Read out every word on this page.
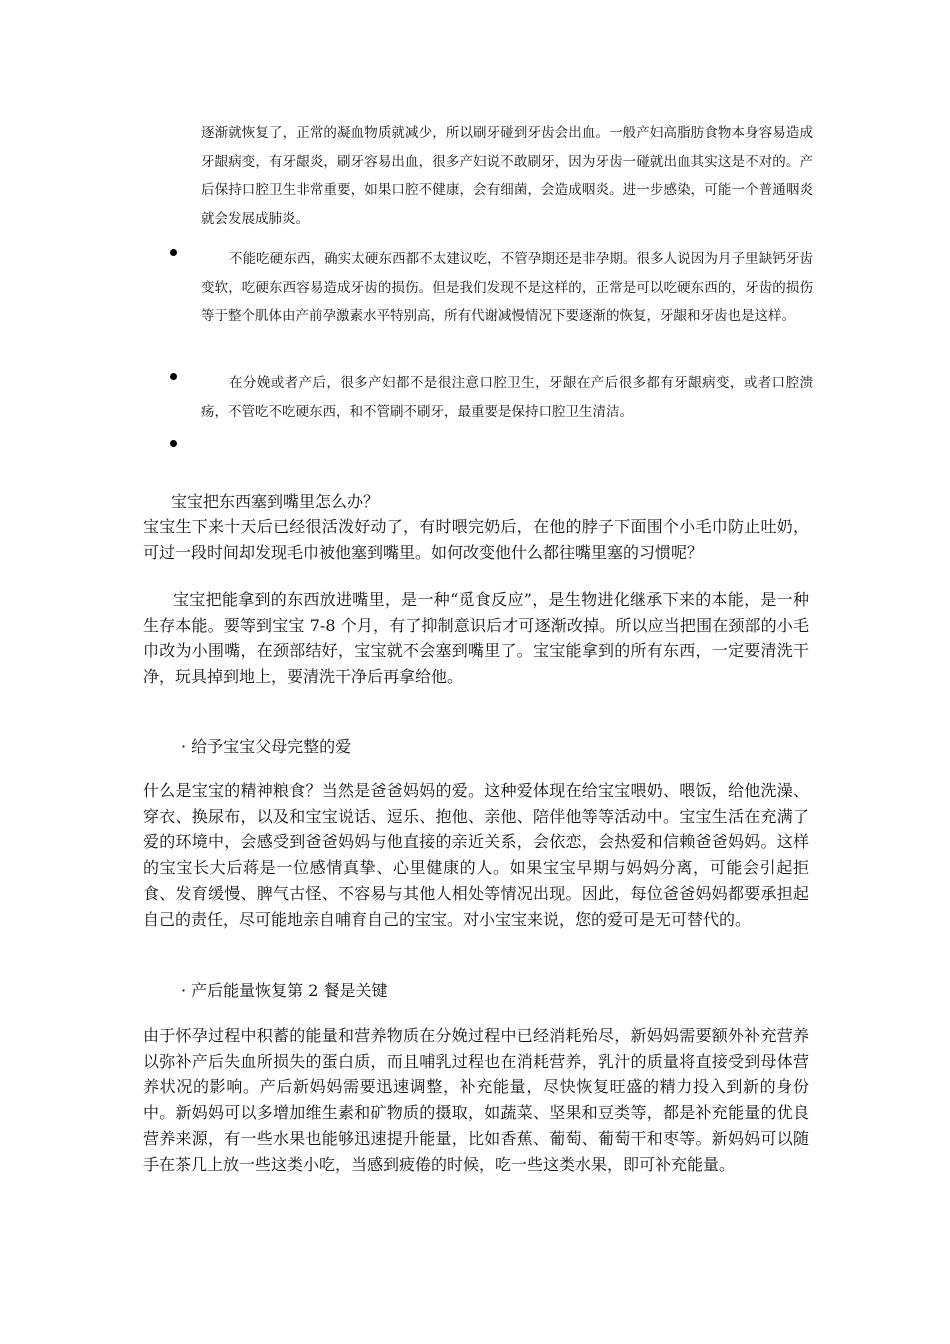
逐渐就恢复了，正常的凝血物质就减少，所以刷牙碰到牙齿会出血。一般产妇高脂肪食物本身容易造成牙龈病变，有牙龈炎，刷牙容易出血，很多产妇说不敢刷牙，因为牙齿一碰就出血其实这是不对的。产后保持口腔卫生非常重要，如果口腔不健康，会有细菌，会造成咽炎。进一步感染，可能一个普通咽炎就会发展成肺炎。

不能吃硬东西，确实太硬东西都不太建议吃，不管孕期还是非孕期。很多人说因为月子里缺钙牙齿变软，吃硬东西容易造成牙齿的损伤。但是我们发现不是这样的，正常是可以吃硬东西的，牙齿的损伤等于整个肌体由产前孕激素水平特别高，所有代谢减慢情况下要逐渐的恢复，牙龈和牙齿也是这样。

在分娩或者产后，很多产妇都不是很注意口腔卫生，牙龈在产后很多都有牙龈病变，或者口腔溃疡，不管吃不吃硬东西，和不管刷不刷牙，最重要是保持口腔卫生清洁。

宝宝把东西塞到嘴里怎么办？

宝宝生下来十天后已经很活泼好动了，有时喂完奶后，在他的脖子下面围个小毛巾防止吐奶，可过一段时间却发现毛巾被他塞到嘴里。如何改变他什么都往嘴里塞的习惯呢？

宝宝把能拿到的东西放进嘴里，是一种“觅食反应”，是生物进化继承下来的本能，是一种生存本能。要等到宝宝 7-8 个月，有了抑制意识后才可逐渐改掉。所以应当把围在颈部的小毛巾改为小围嘴，在颈部结好，宝宝就不会塞到嘴里了。宝宝能拿到的所有东西，一定要清洗干净，玩具掉到地上，要清洗干净后再拿给他。

· 给予宝宝父母完整的爱

什么是宝宝的精神粮食？当然是爸爸妈妈的爱。这种爱体现在给宝宝喂奶、喂饭，给他洗澡、穿衣、换尿布，以及和宝宝说话、逗乐、抱他、亲他、陪伴他等等活动中。宝宝生活在充满了爱的环境中，会感受到爸爸妈妈与他直接的亲近关系，会依恋，会热爱和信赖爸爸妈妈。这样的宝宝长大后蒋是一位感情真挚、心里健康的人。如果宝宝早期与妈妈分离，可能会引起拒食、发育缓慢、脾气古怪、不容易与其他人相处等情况出现。因此，每位爸爸妈妈都要承担起自己的责任，尽可能地亲自哺育自己的宝宝。对小宝宝来说，您的爱可是无可替代的。

· 产后能量恢复第 2 餐是关键

由于怀孕过程中积蓄的能量和营养物质在分娩过程中已经消耗殆尽，新妈妈需要额外补充营养以弥补产后失血所损失的蛋白质，而且哺乳过程也在消耗营养，乳汁的质量将直接受到母体营养状况的影响。产后新妈妈需要迅速调整，补充能量，尽快恢复旺盛的精力投入到新的身份中。新妈妈可以多增加维生素和矿物质的摄取，如蔬菜、坚果和豆类等，都是补充能量的优良营养来源，有一些水果也能够迅速提升能量，比如香蕉、葡萄、葡萄干和枣等。新妈妈可以随手在茶几上放一些这类小吃，当感到疲倦的时候，吃一些这类水果，即可补充能量。
